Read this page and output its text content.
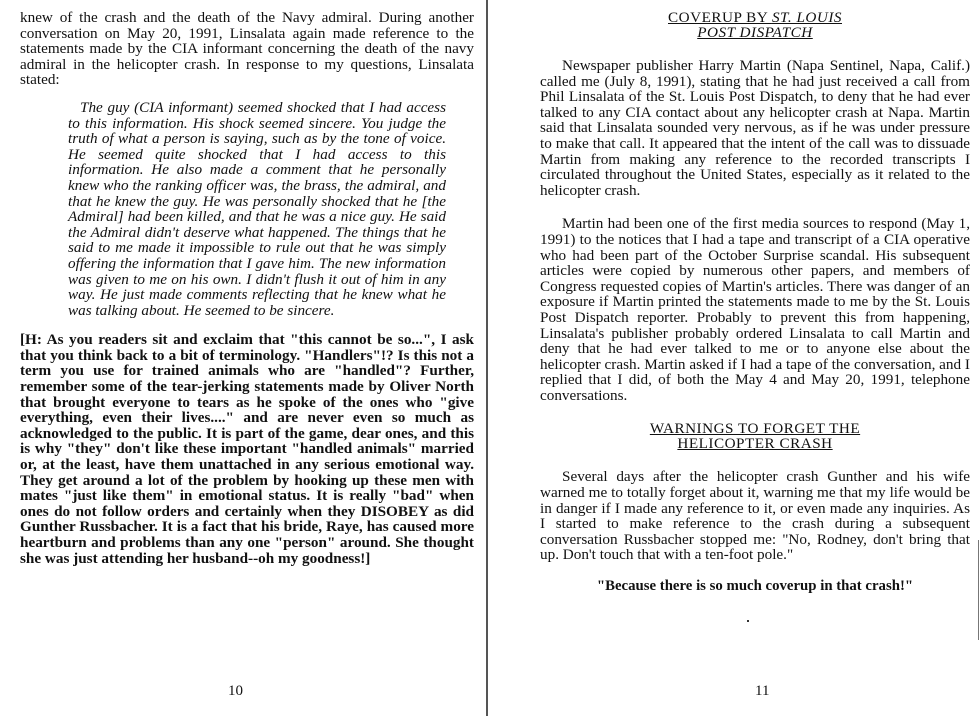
knew of the crash and the death of the Navy admiral. During another conversation on May 20, 1991, Linsalata again made reference to the statements made by the CIA informant concerning the death of the navy admiral in the helicopter crash. In response to my questions, Linsalata stated:

The guy (CIA informant) seemed shocked that I had access to this information. His shock seemed sincere. You judge the truth of what a person is saying, such as by the tone of voice. He seemed quite shocked that I had access to this information. He also made a comment that he personally knew who the ranking officer was, the brass, the admiral, and that he knew the guy. He was personally shocked that he [the Admiral] had been killed, and that he was a nice guy. He said the Admiral didn't deserve what happened. The things that he said to me made it impossible to rule out that he was simply offering the information that I gave him. The new information was given to me on his own. I didn't flush it out of him in any way. He just made comments reflecting that he knew what he was talking about. He seemed to be sincere.

[H: As you readers sit and exclaim that "this cannot be so...", I ask that you think back to a bit of terminology. "Handlers"!? Is this not a term you use for trained animals who are "handled"? Further, remember some of the tear-jerking statements made by Oliver North that brought everyone to tears as he spoke of the ones who "give everything, even their lives...." and are never even so much as acknowledged to the public. It is part of the game, dear ones, and this is why "they" don't like these important "handled animals" married or, at the least, have them unattached in any serious emotional way. They get around a lot of the problem by hooking up these men with mates "just like them" in emotional status. It is really "bad" when ones do not follow orders and certainly when they DISOBEY as did Gunther Russbacher. It is a fact that his bride, Raye, has caused more heartburn and problems than any one "person" around. She thought she was just attending her husband--oh my goodness!]

10
COVERUP BY ST. LOUIS
POST DISPATCH

Newspaper publisher Harry Martin (Napa Sentinel, Napa, Calif.) called me (July 8, 1991), stating that he had just received a call from Phil Linsalata of the St. Louis Post Dispatch, to deny that he had ever talked to any CIA contact about any helicopter crash at Napa. Martin said that Linsalata sounded very nervous, as if he was under pressure to make that call. It appeared that the intent of the call was to dissuade Martin from making any reference to the recorded transcripts I circulated throughout the United States, especially as it related to the helicopter crash.

Martin had been one of the first media sources to respond (May 1, 1991) to the notices that I had a tape and transcript of a CIA operative who had been part of the October Surprise scandal. His subsequent articles were copied by numerous other papers, and members of Congress requested copies of Martin's articles. There was danger of an exposure if Martin printed the statements made to me by the St. Louis Post Dispatch reporter. Probably to prevent this from happening, Linsalata's publisher probably ordered Linsalata to call Martin and deny that he had ever talked to me or to anyone else about the helicopter crash. Martin asked if I had a tape of the conversation, and I replied that I did, of both the May 4 and May 20, 1991, telephone conversations.

WARNINGS TO FORGET THE HELICOPTER CRASH

Several days after the helicopter crash Gunther and his wife warned me to totally forget about it, warning me that my life would be in danger if I made any reference to it, or even made any inquiries. As I started to make reference to the crash during a subsequent conversation Russbacher stopped me: "No, Rodney, don't bring that up. Don't touch that with a ten-foot pole."

"Because there is so much coverup in that crash!"

11
